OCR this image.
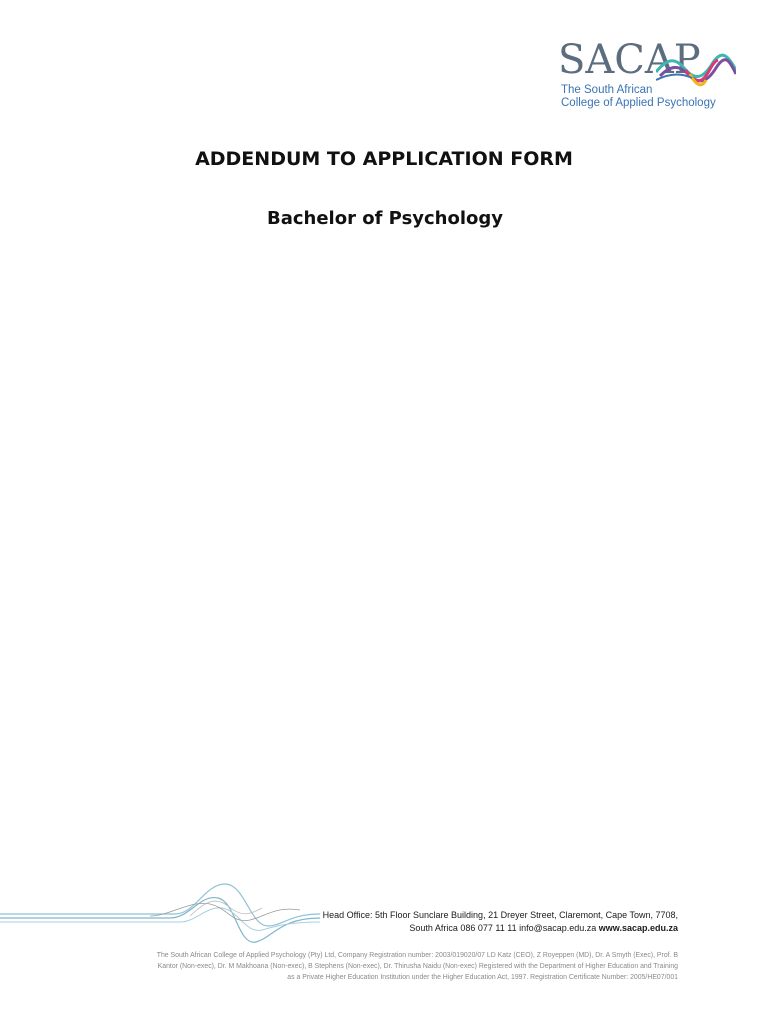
SACAP
The South African
College of Applied Psychology
ADDENDUM TO APPLICATION FORM
Bachelor of Psychology
Head Office: 5th Floor Sunclare Building, 21 Dreyer Street, Claremont, Cape Town, 7708,
South Africa 086 077 11 11 info@sacap.edu.za www.sacap.edu.za
The South African College of Applied Psychology (Pty) Ltd, Company Registration number: 2003/019020/07 LD Katz (CEO), Z Royeppen (MD), Dr. A Smyth (Exec), Prof. B
Kantor (Non-exec), Dr. M Makhoana (Non-exec), B Stephens (Non-exec), Dr. Thirusha Naidu (Non-exec) Registered with the Department of Higher Education and Training
as a Private Higher Education Institution under the Higher Education Act, 1997. Registration Certificate Number: 2005/HE07/001
